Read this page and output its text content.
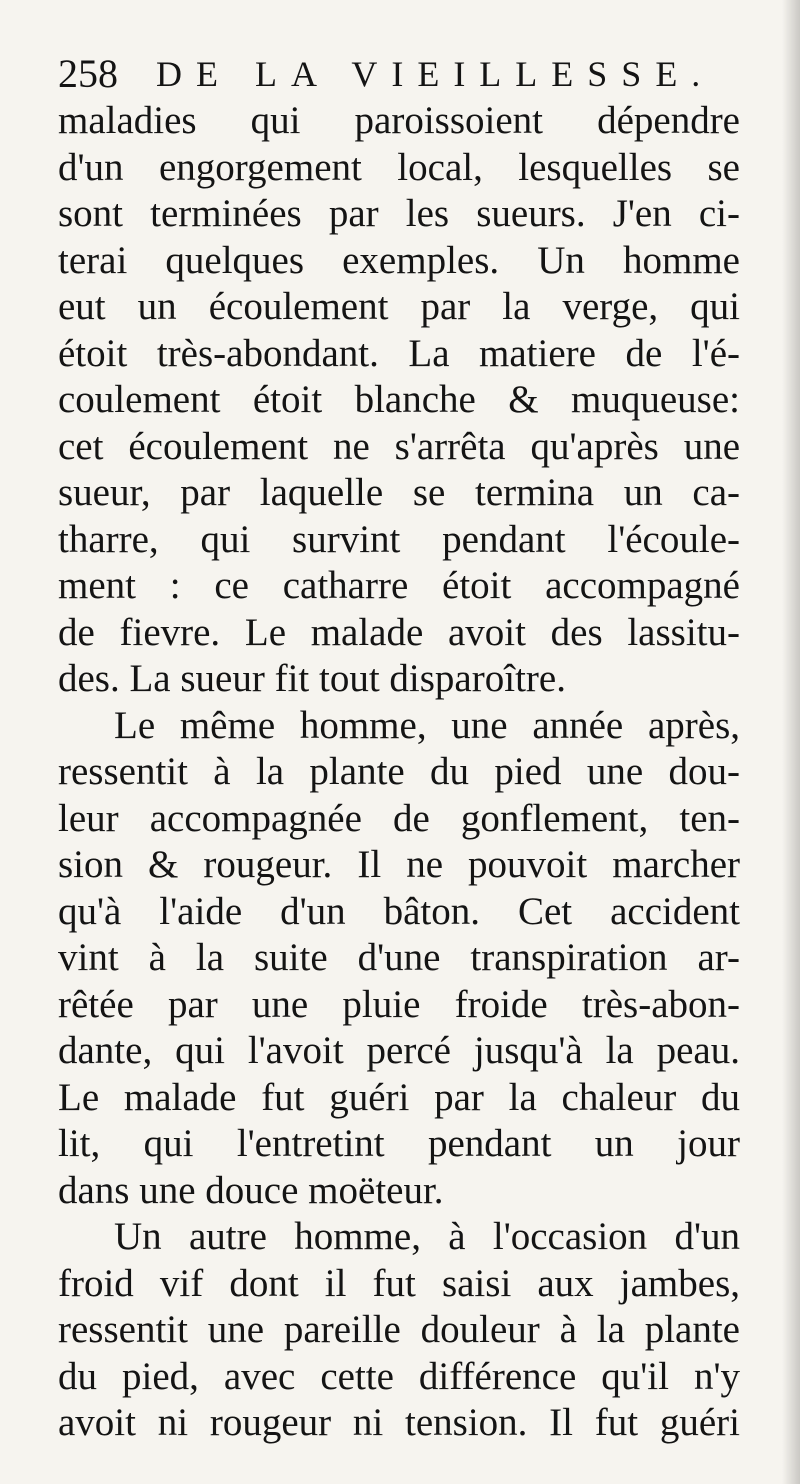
258 DE LA VIEILLESSE.
maladies qui paroissoient dépendre
d'un engorgement local, lesquelles se
sont terminées par les sueurs. J'en ci-
terai quelques exemples. Un homme
eut un écoulement par la verge, qui
étoit très-abondant. La matiere de l'é-
coulement étoit blanche & muqueuse:
cet écoulement ne s'arrêta qu'après une
sueur, par laquelle se termina un ca-
tharre, qui survint pendant l'écoule-
ment : ce catharre étoit accompagné
de fievre. Le malade avoit des lassitu-
des. La sueur fit tout disparoître.
Le même homme, une année après,
ressentit à la plante du pied une dou-
leur accompagnée de gonflement, ten-
sion & rougeur. Il ne pouvoit marcher
qu'à l'aide d'un bâton. Cet accident
vint à la suite d'une transpiration ar-
rêtée par une pluie froide très-abon-
dante, qui l'avoit percé jusqu'à la peau.
Le malade fut guéri par la chaleur du
lit, qui l'entretint pendant un jour
dans une douce moëteur.
Un autre homme, à l'occasion d'un
froid vif dont il fut saisi aux jambes,
ressentit une pareille douleur à la plante
du pied, avec cette différence qu'il n'y
avoit ni rougeur ni tension. Il fut guéri
